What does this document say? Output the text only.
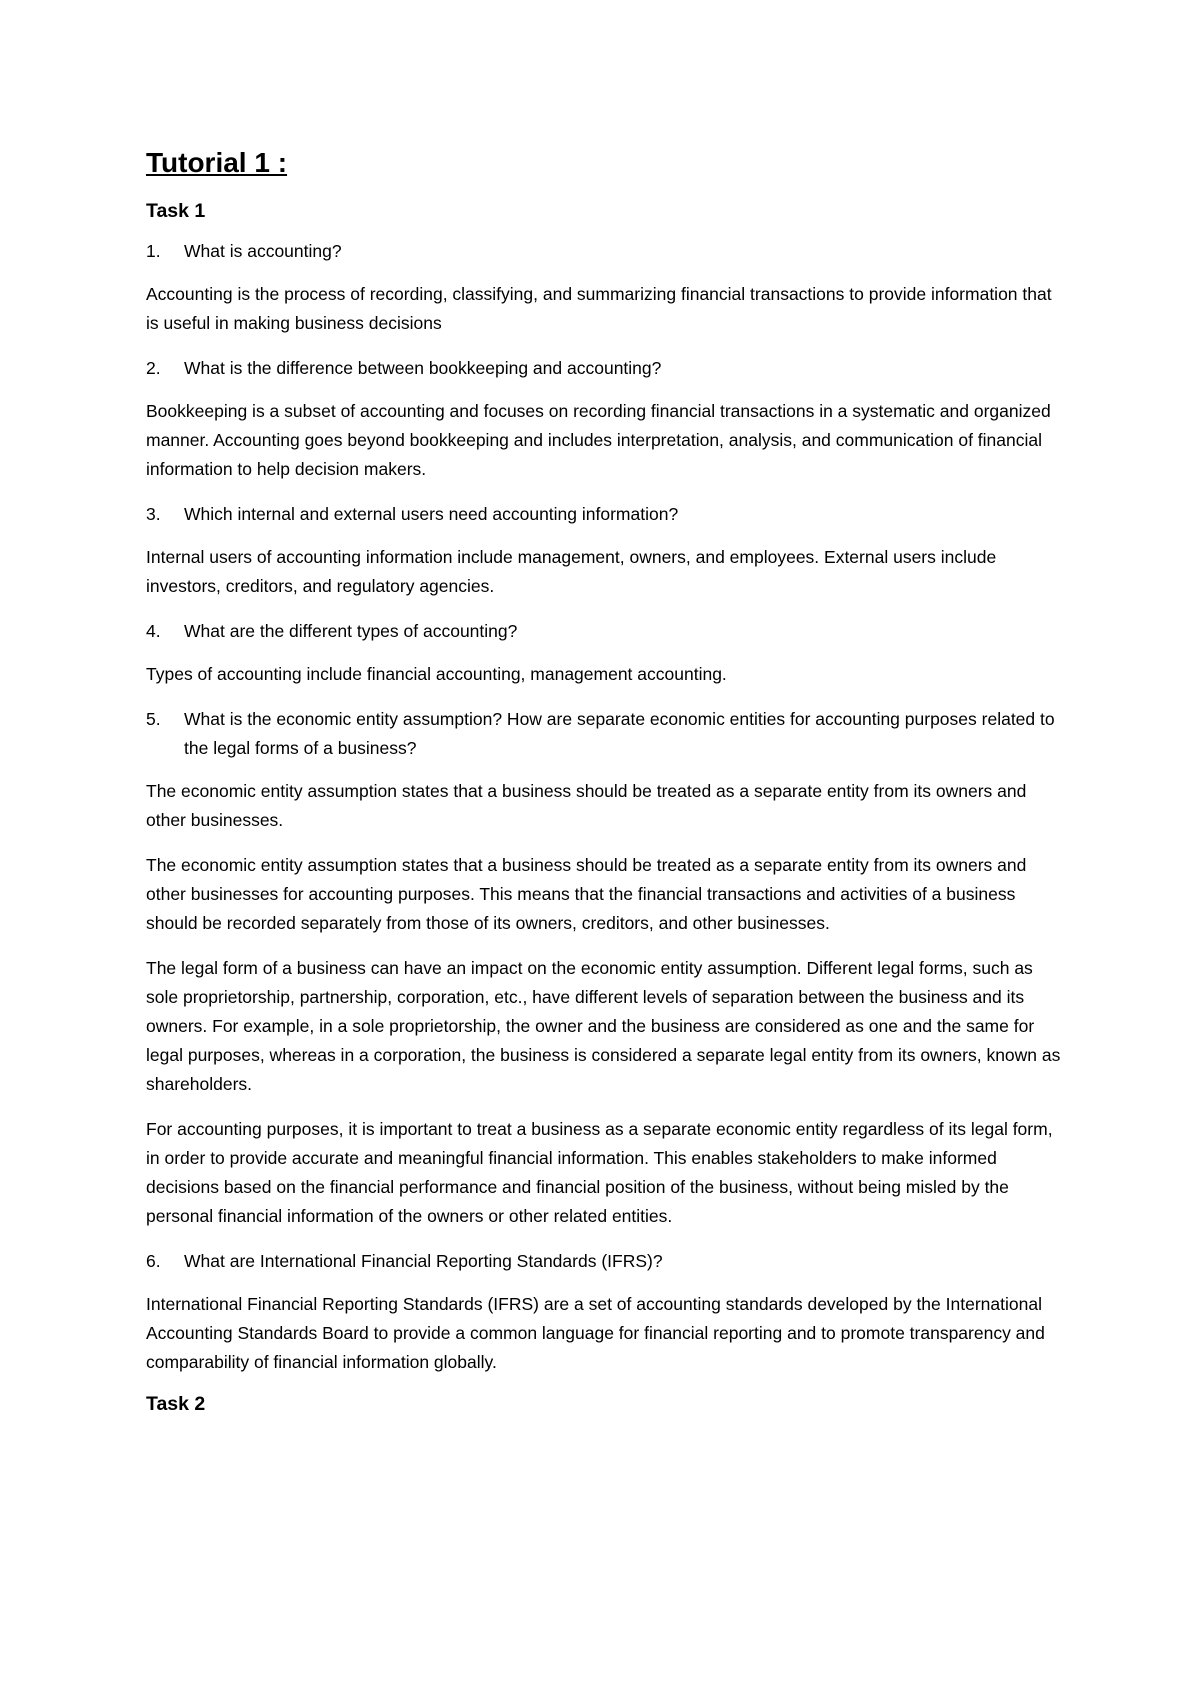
Tutorial 1 :
Task 1
1.	What is accounting?

Accounting is the process of recording, classifying, and summarizing financial transactions to provide information that is useful in making business decisions

2.	What is the difference between bookkeeping and accounting?

Bookkeeping is a subset of accounting and focuses on recording financial transactions in a systematic and organized manner. Accounting goes beyond bookkeeping and includes interpretation, analysis, and communication of financial information to help decision makers.

3.	Which internal and external users need accounting information?

Internal users of accounting information include management, owners, and employees. External users include investors, creditors, and regulatory agencies.

4.	What are the different types of accounting?

Types of accounting include financial accounting, management accounting.

5.	What is the economic entity assumption? How are separate economic entities for accounting purposes related to the legal forms of a business?

The economic entity assumption states that a business should be treated as a separate entity from its owners and other businesses.

The economic entity assumption states that a business should be treated as a separate entity from its owners and other businesses for accounting purposes. This means that the financial transactions and activities of a business should be recorded separately from those of its owners, creditors, and other businesses.

The legal form of a business can have an impact on the economic entity assumption. Different legal forms, such as sole proprietorship, partnership, corporation, etc., have different levels of separation between the business and its owners. For example, in a sole proprietorship, the owner and the business are considered as one and the same for legal purposes, whereas in a corporation, the business is considered a separate legal entity from its owners, known as shareholders.

For accounting purposes, it is important to treat a business as a separate economic entity regardless of its legal form, in order to provide accurate and meaningful financial information. This enables stakeholders to make informed decisions based on the financial performance and financial position of the business, without being misled by the personal financial information of the owners or other related entities.

6.	What are International Financial Reporting Standards (IFRS)?

International Financial Reporting Standards (IFRS) are a set of accounting standards developed by the International Accounting Standards Board to provide a common language for financial reporting and to promote transparency and comparability of financial information globally.

Task 2
